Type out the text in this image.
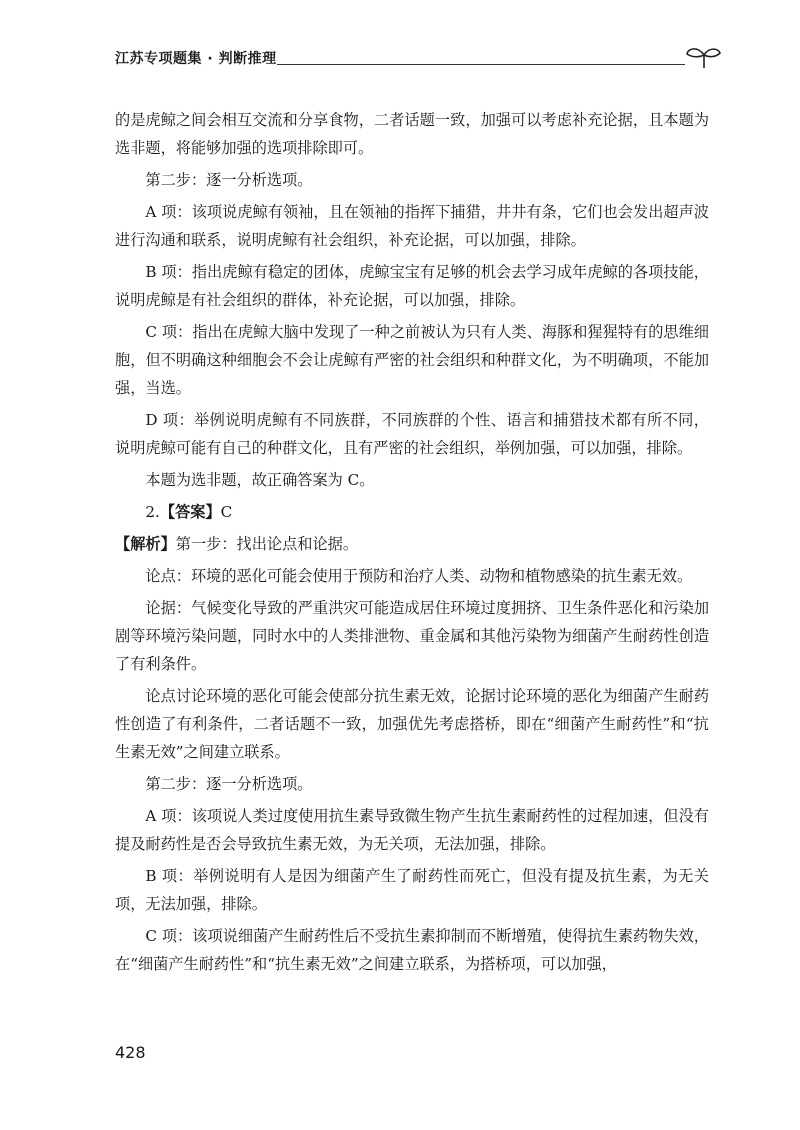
江苏专项题集 · 判断推理

的是虎鲸之间会相互交流和分享食物，二者话题一致，加强可以考虑补充论据，且本题为选非题，将能够加强的选项排除即可。

第二步：逐一分析选项。

A 项：该项说虎鲸有领袖，且在领袖的指挥下捕猎，井井有条，它们也会发出超声波进行沟通和联系，说明虎鲸有社会组织，补充论据，可以加强，排除。

B 项：指出虎鲸有稳定的团体，虎鲸宝宝有足够的机会去学习成年虎鲸的各项技能，说明虎鲸是有社会组织的群体，补充论据，可以加强，排除。

C 项：指出在虎鲸大脑中发现了一种之前被认为只有人类、海豚和猩猩特有的思维细胞，但不明确这种细胞会不会让虎鲸有严密的社会组织和种群文化，为不明确项，不能加强，当选。

D 项：举例说明虎鲸有不同族群，不同族群的个性、语言和捕猎技术都有所不同，说明虎鲸可能有自己的种群文化，且有严密的社会组织，举例加强，可以加强，排除。

本题为选非题，故正确答案为 C。

2.【答案】C

【解析】第一步：找出论点和论据。

论点：环境的恶化可能会使用于预防和治疗人类、动物和植物感染的抗生素无效。

论据：气候变化导致的严重洪灾可能造成居住环境过度拥挤、卫生条件恶化和污染加剧等环境污染问题，同时水中的人类排泄物、重金属和其他污染物为细菌产生耐药性创造了有利条件。

论点讨论环境的恶化可能会使部分抗生素无效，论据讨论环境的恶化为细菌产生耐药性创造了有利条件，二者话题不一致，加强优先考虑搭桥，即在“细菌产生耐药性”和“抗生素无效”之间建立联系。

第二步：逐一分析选项。

A 项：该项说人类过度使用抗生素导致微生物产生抗生素耐药性的过程加速，但没有提及耐药性是否会导致抗生素无效，为无关项，无法加强，排除。

B 项：举例说明有人是因为细菌产生了耐药性而死亡，但没有提及抗生素，为无关项，无法加强，排除。

C 项：该项说细菌产生耐药性后不受抗生素抑制而不断增殖，使得抗生素药物失效，在“细菌产生耐药性”和“抗生素无效”之间建立联系，为搭桥项，可以加强，

428
